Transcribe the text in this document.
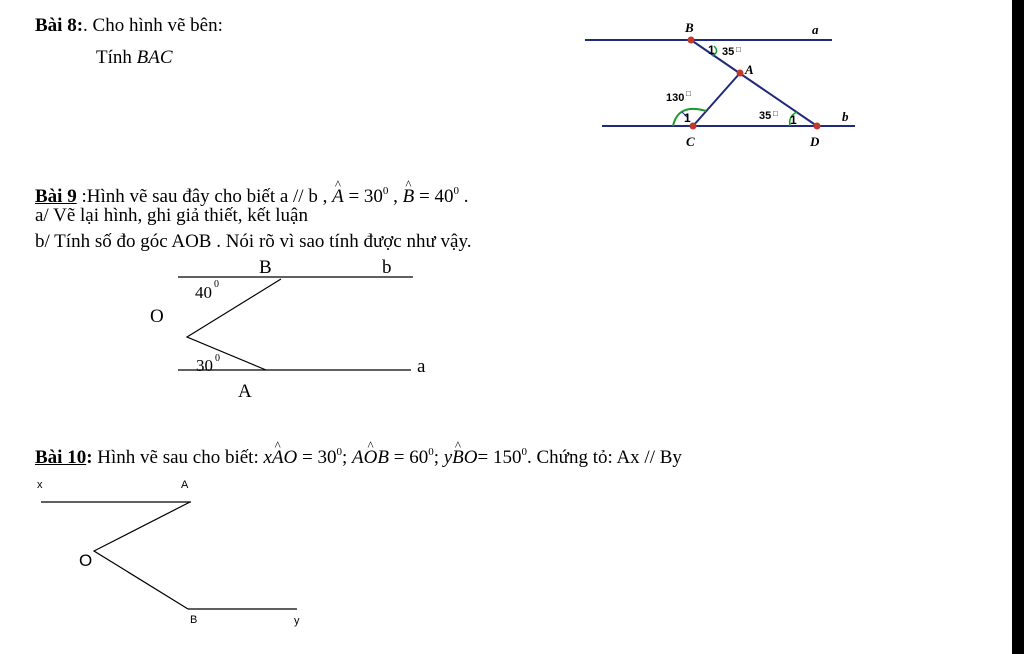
Bài 8:. Cho hình vẽ bên:
Tính BAC
B	a
A
b
C	D
1 35 □
130 □
1	35 □ 1
Bài 9 :Hình vẽ sau đây cho biết a // b , ^ $A = 30^0$ , ^ $B = 40^0$ .
a/ Vẽ lại hình, ghi giả thiết, kết luận
b/ Tính số đo góc AOB . Nói rõ vì sao tính được như vậy.
B	b
O
a
A
40 0
30 0
Bài 10: Hình vẽ sau cho biết: x^ AO = $30^0$; A^ OB = $60^0$; y^ $BO= 150^0$. Chứng tỏ: Ax // By
x	A
O
B	y
